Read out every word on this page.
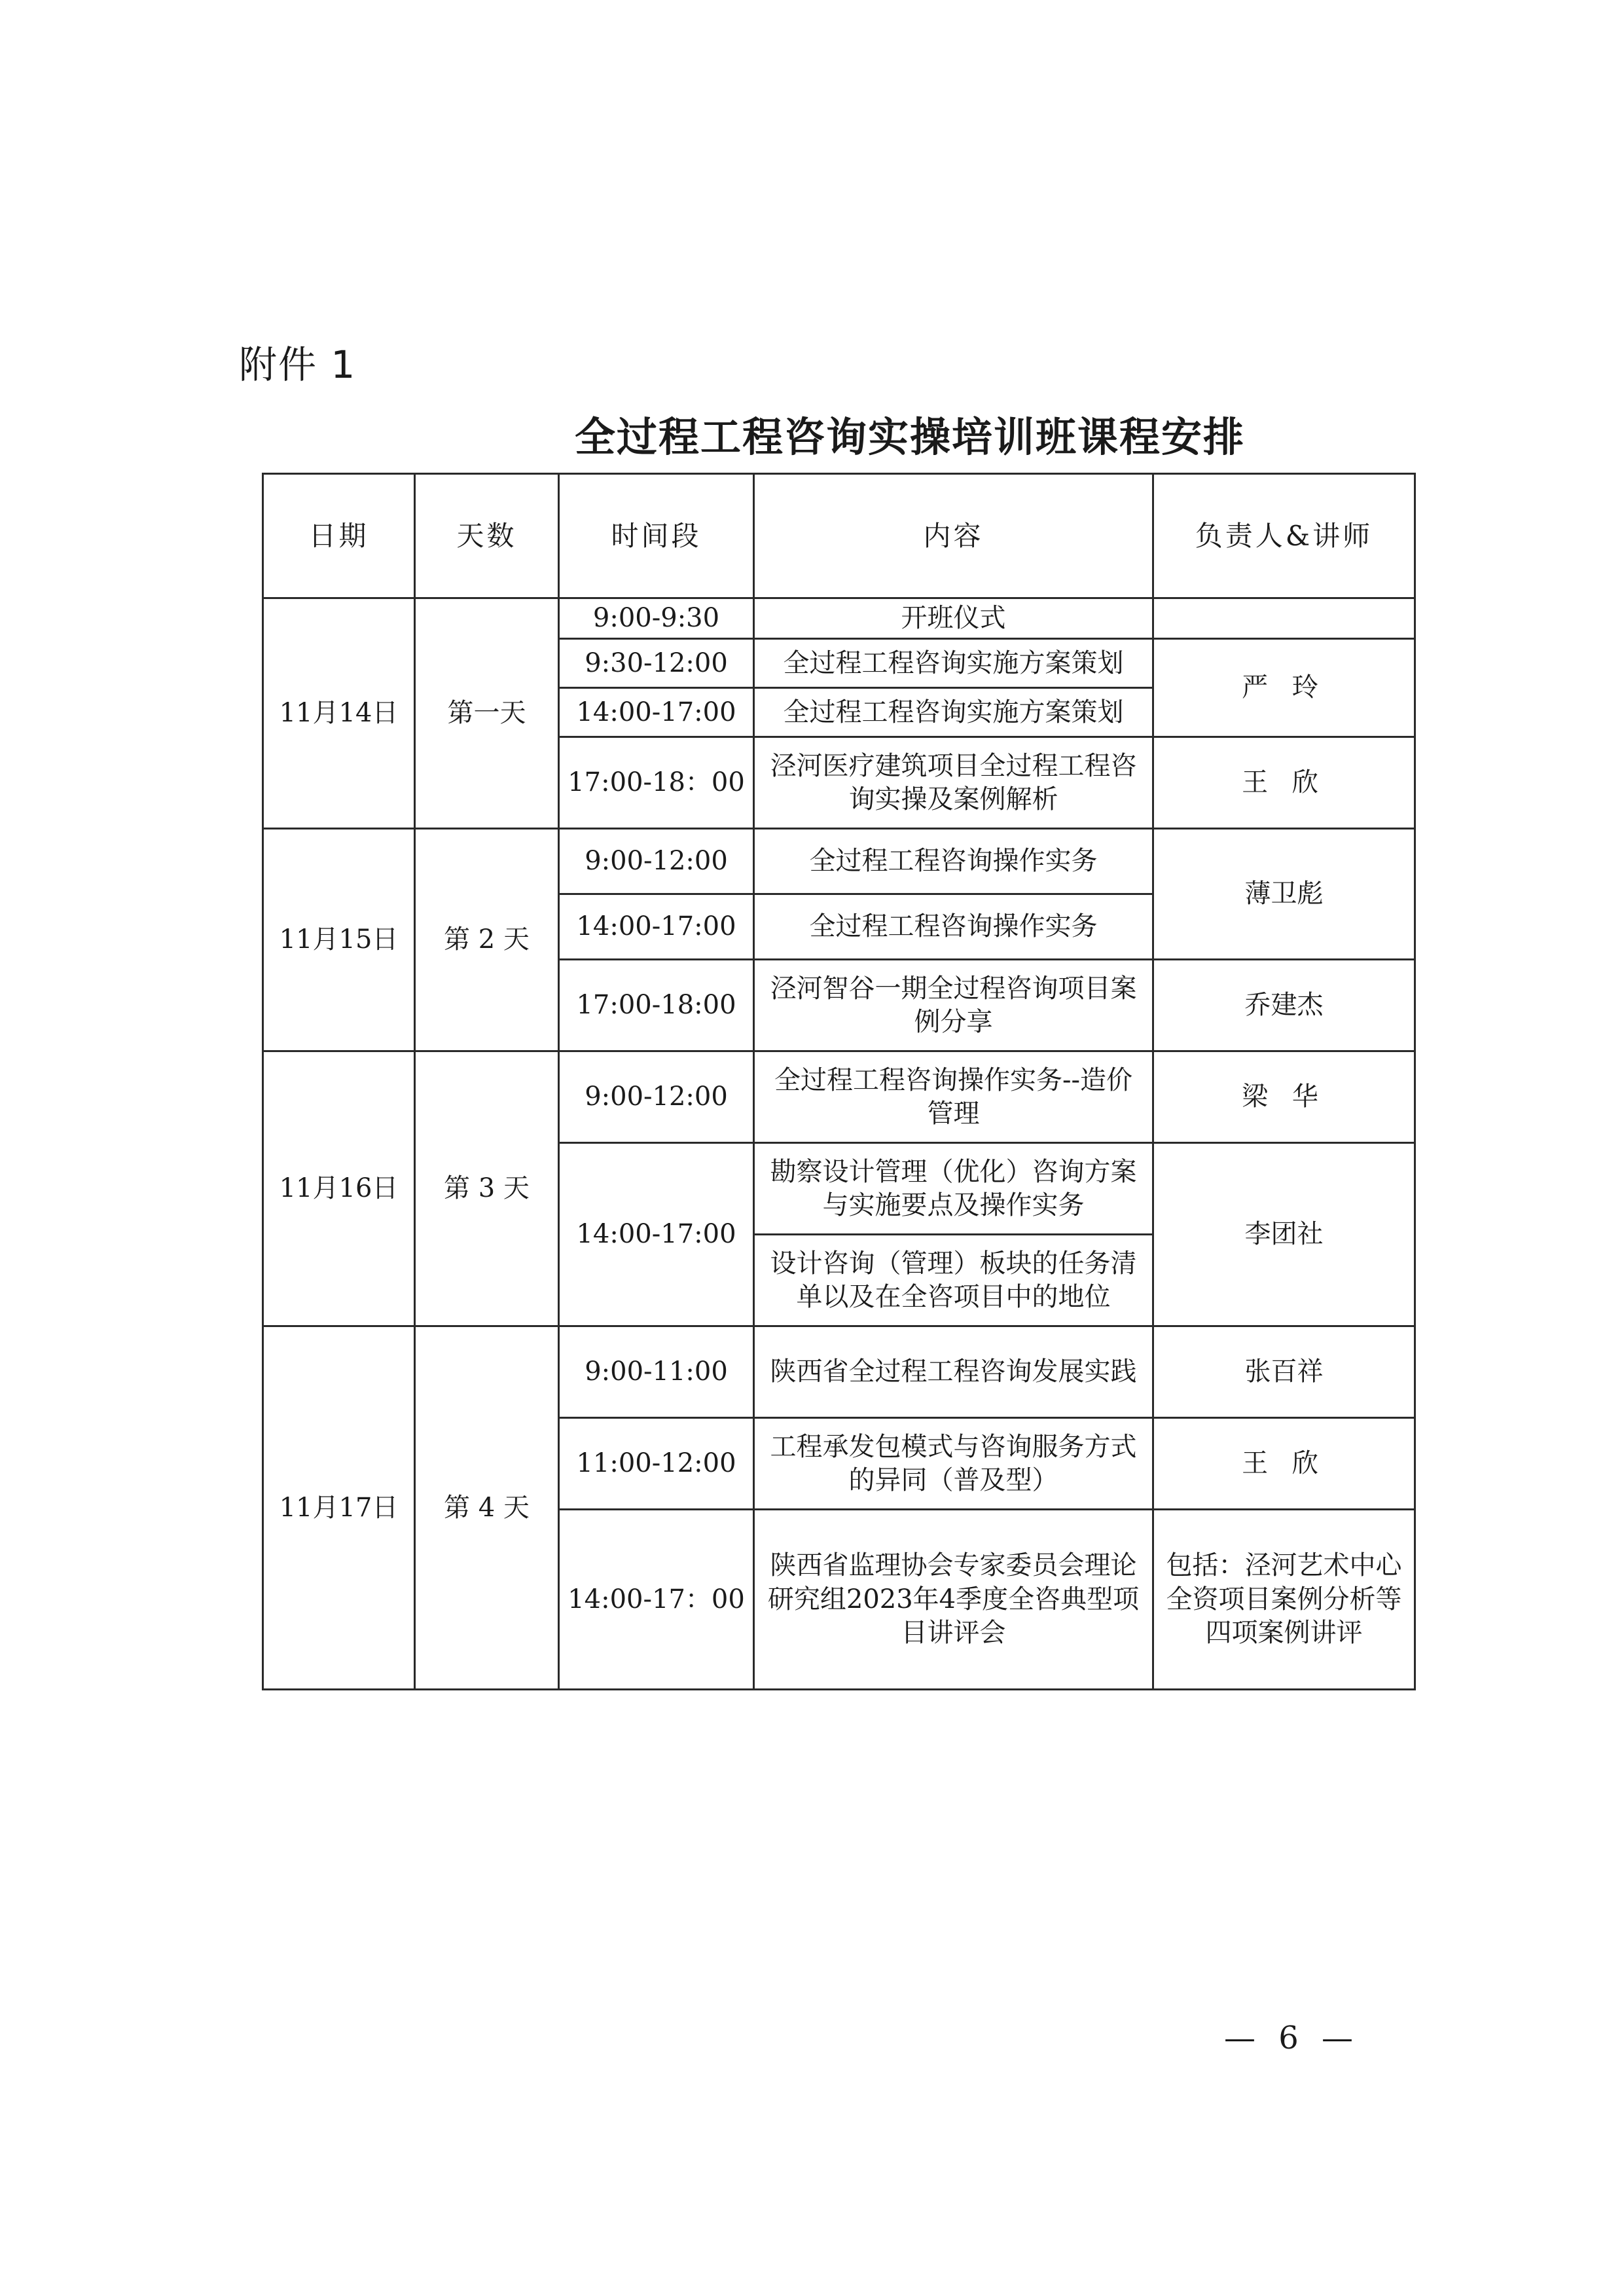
附件 1
全过程工程咨询实操培训班课程安排
日期	天数	时间段	内容	负责人&讲师
11月14日	第一天	9:00-9:30	开班仪式	
		9:30-12:00	全过程工程咨询实施方案策划	严 玲
		14:00-17:00	全过程工程咨询实施方案策划	
		17:00-18：00	泾河医疗建筑项目全过程工程咨询实操及案例解析	王 欣
11月15日	第 2 天	9:00-12:00	全过程工程咨询操作实务	薄卫彪
		14:00-17:00	全过程工程咨询操作实务	
		17:00-18:00	泾河智谷一期全过程咨询项目案例分享	乔建杰
11月16日	第 3 天	9:00-12:00	全过程工程咨询操作实务--造价管理	梁 华
		14:00-17:00	勘察设计管理（优化）咨询方案与实施要点及操作实务	李团社
			设计咨询（管理）板块的任务清单以及在全咨项目中的地位	
11月17日	第 4 天	9:00-11:00	陕西省全过程工程咨询发展实践	张百祥
		11:00-12:00	工程承发包模式与咨询服务方式的异同（普及型）	王 欣
		14:00-17：00	陕西省监理协会专家委员会理论研究组2023年4季度全咨典型项目讲评会	包括：泾河艺术中心全资项目案例分析等四项案例讲评
— 6 —
